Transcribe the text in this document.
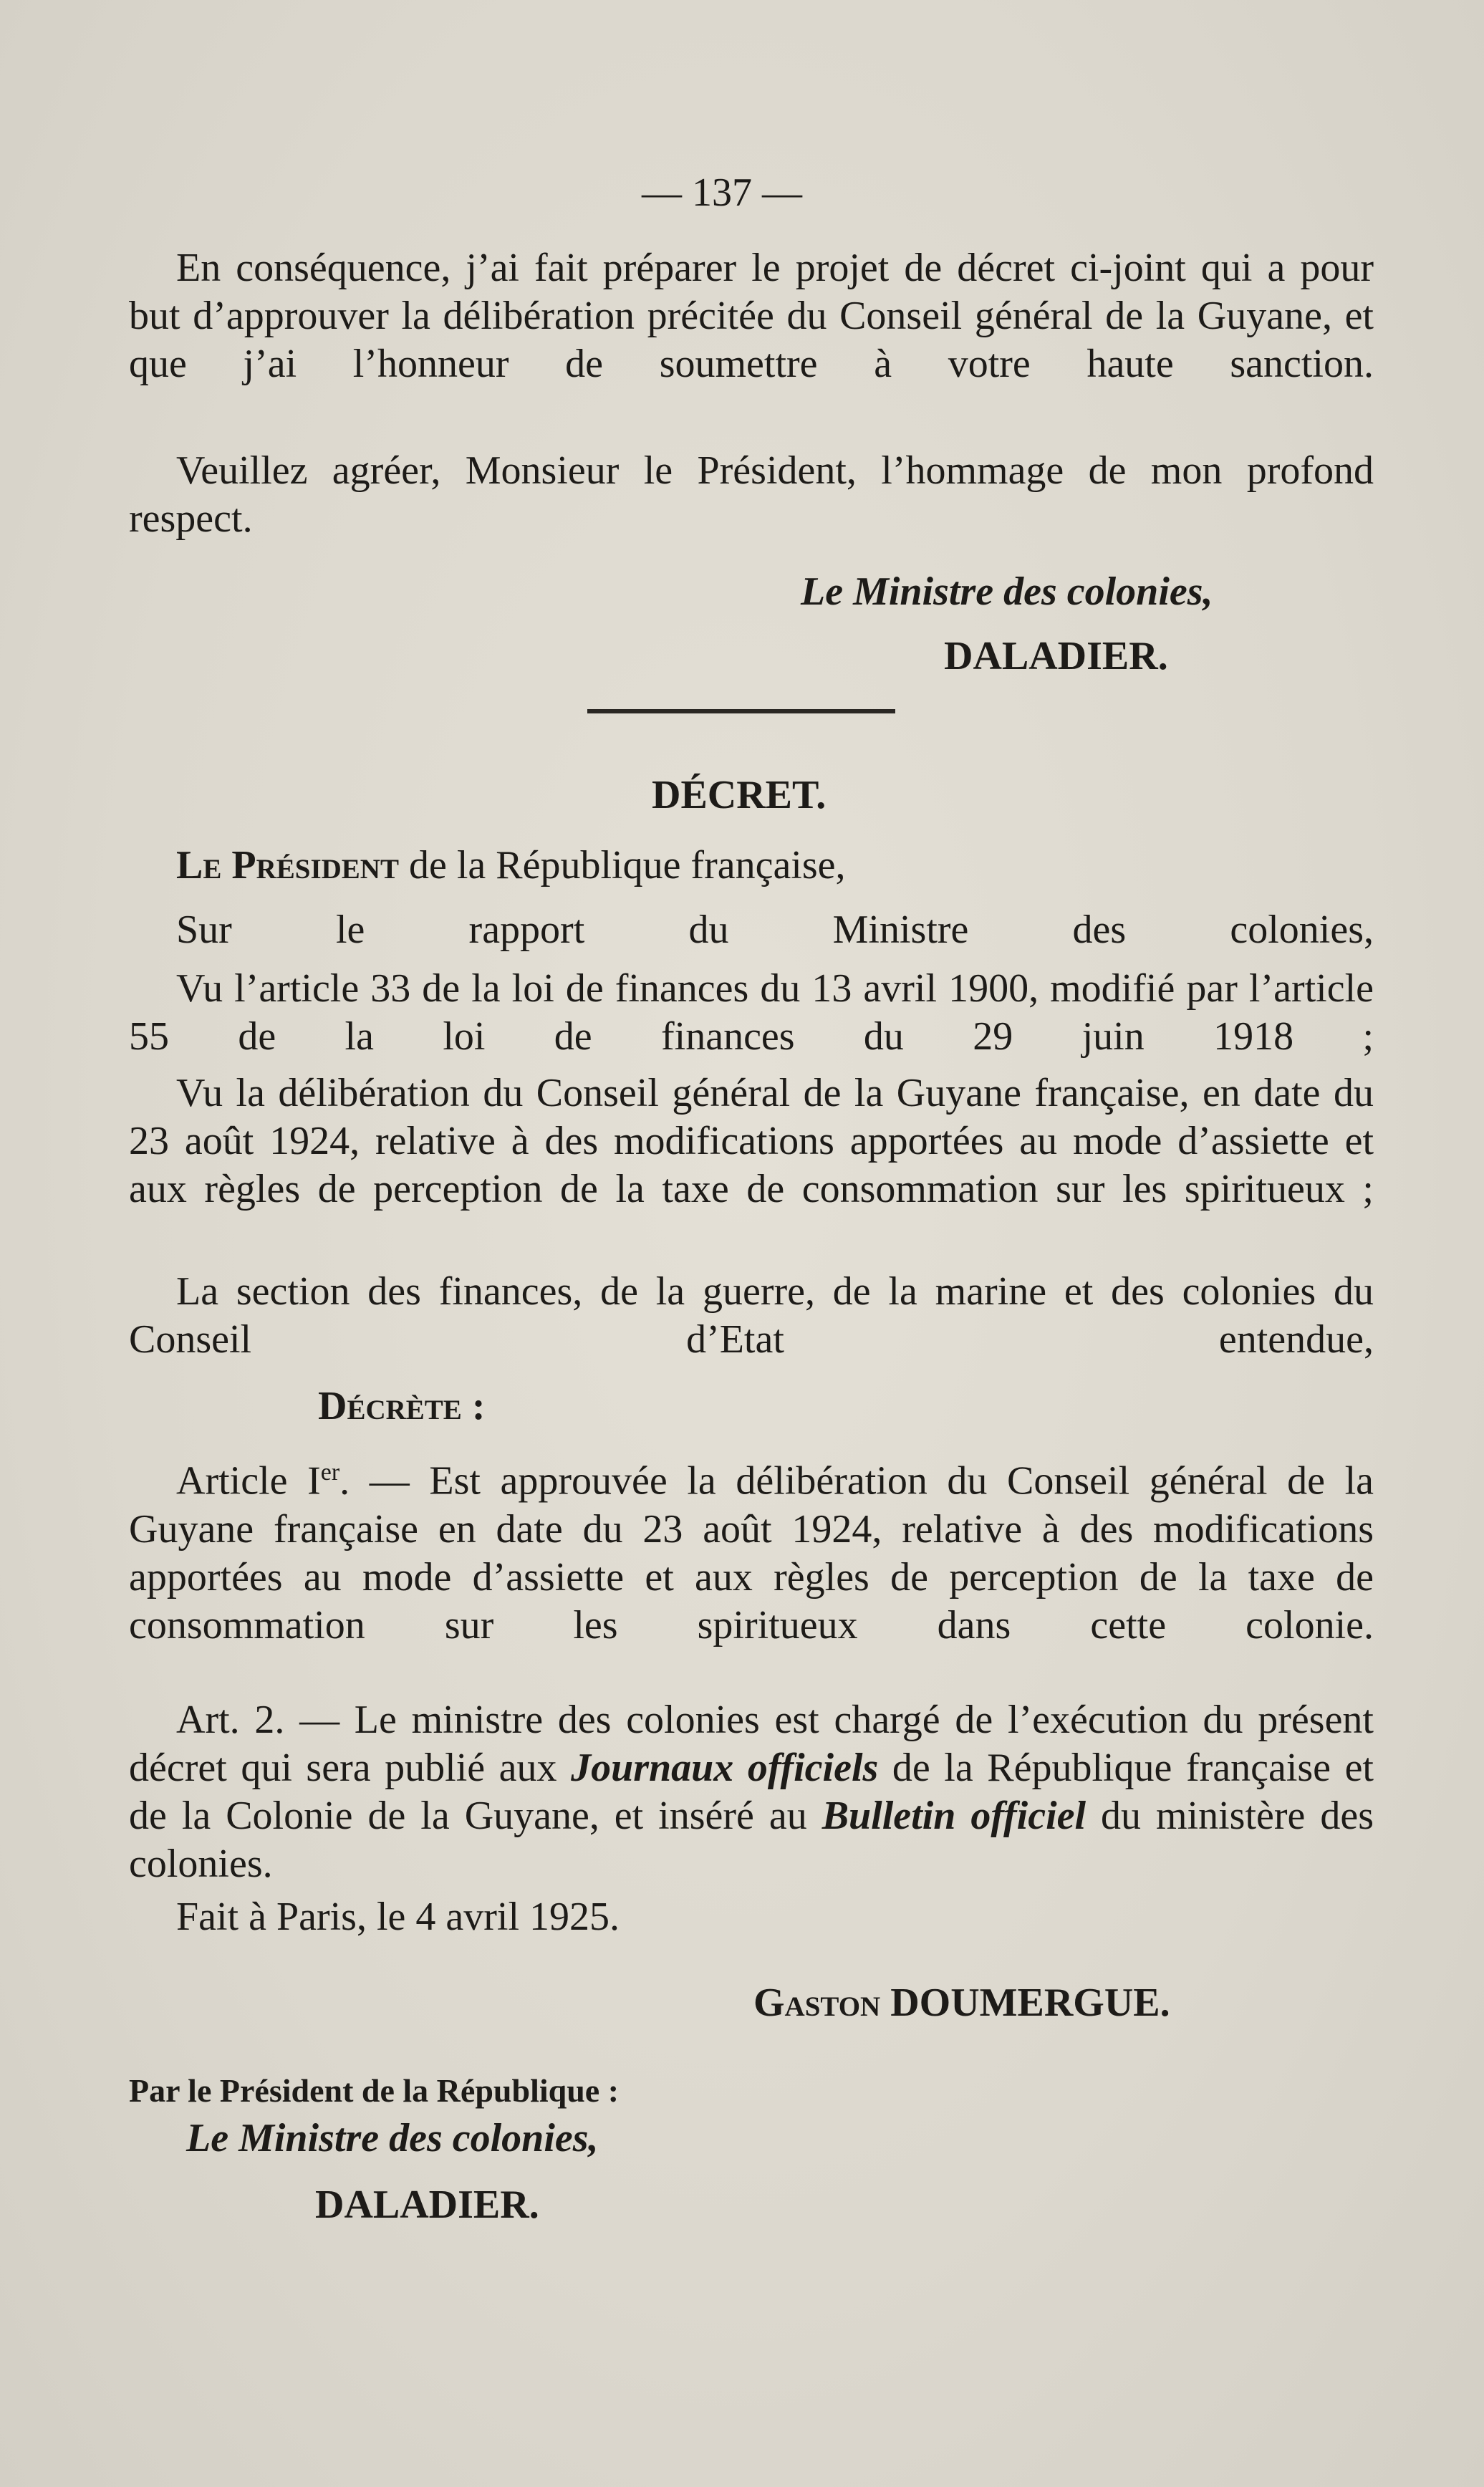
— 137 —

En conséquence, j’ai fait préparer le projet de décret ci-joint qui a pour but d’approuver la délibération précitée du Conseil général de la Guyane, et que j’ai l’honneur de soumettre à votre haute sanction.

Veuillez agréer, Monsieur le Président, l’hommage de mon profond respect.

Le Ministre des colonies,
DALADIER.
DÉCRET.
Le Président de la République française,

Sur le rapport du Ministre des colonies,

Vu l’article 33 de la loi de finances du 13 avril 1900, modifié par l’article 55 de la loi de finances du 29 juin 1918 ;

Vu la délibération du Conseil général de la Guyane française, en date du 23 août 1924, relative à des modifications apportées au mode d’assiette et aux règles de perception de la taxe de consommation sur les spiritueux ;

La section des finances, de la guerre, de la marine et des colonies du Conseil d’Etat entendue,

Décrète :

Article Ier. — Est approuvée la délibération du Conseil général de la Guyane française en date du 23 août 1924, relative à des modifications apportées au mode d’assiette et aux règles de perception de la taxe de consommation sur les spiritueux dans cette colonie.

Art. 2. — Le ministre des colonies est chargé de l’exécution du présent décret qui sera publié aux Journaux officiels de la République française et de la Colonie de la Guyane, et inséré au Bulletin officiel du ministère des colonies.

Fait à Paris, le 4 avril 1925.
Gaston DOUMERGUE.
Par le Président de la République :
Le Ministre des colonies,
DALADIER.
